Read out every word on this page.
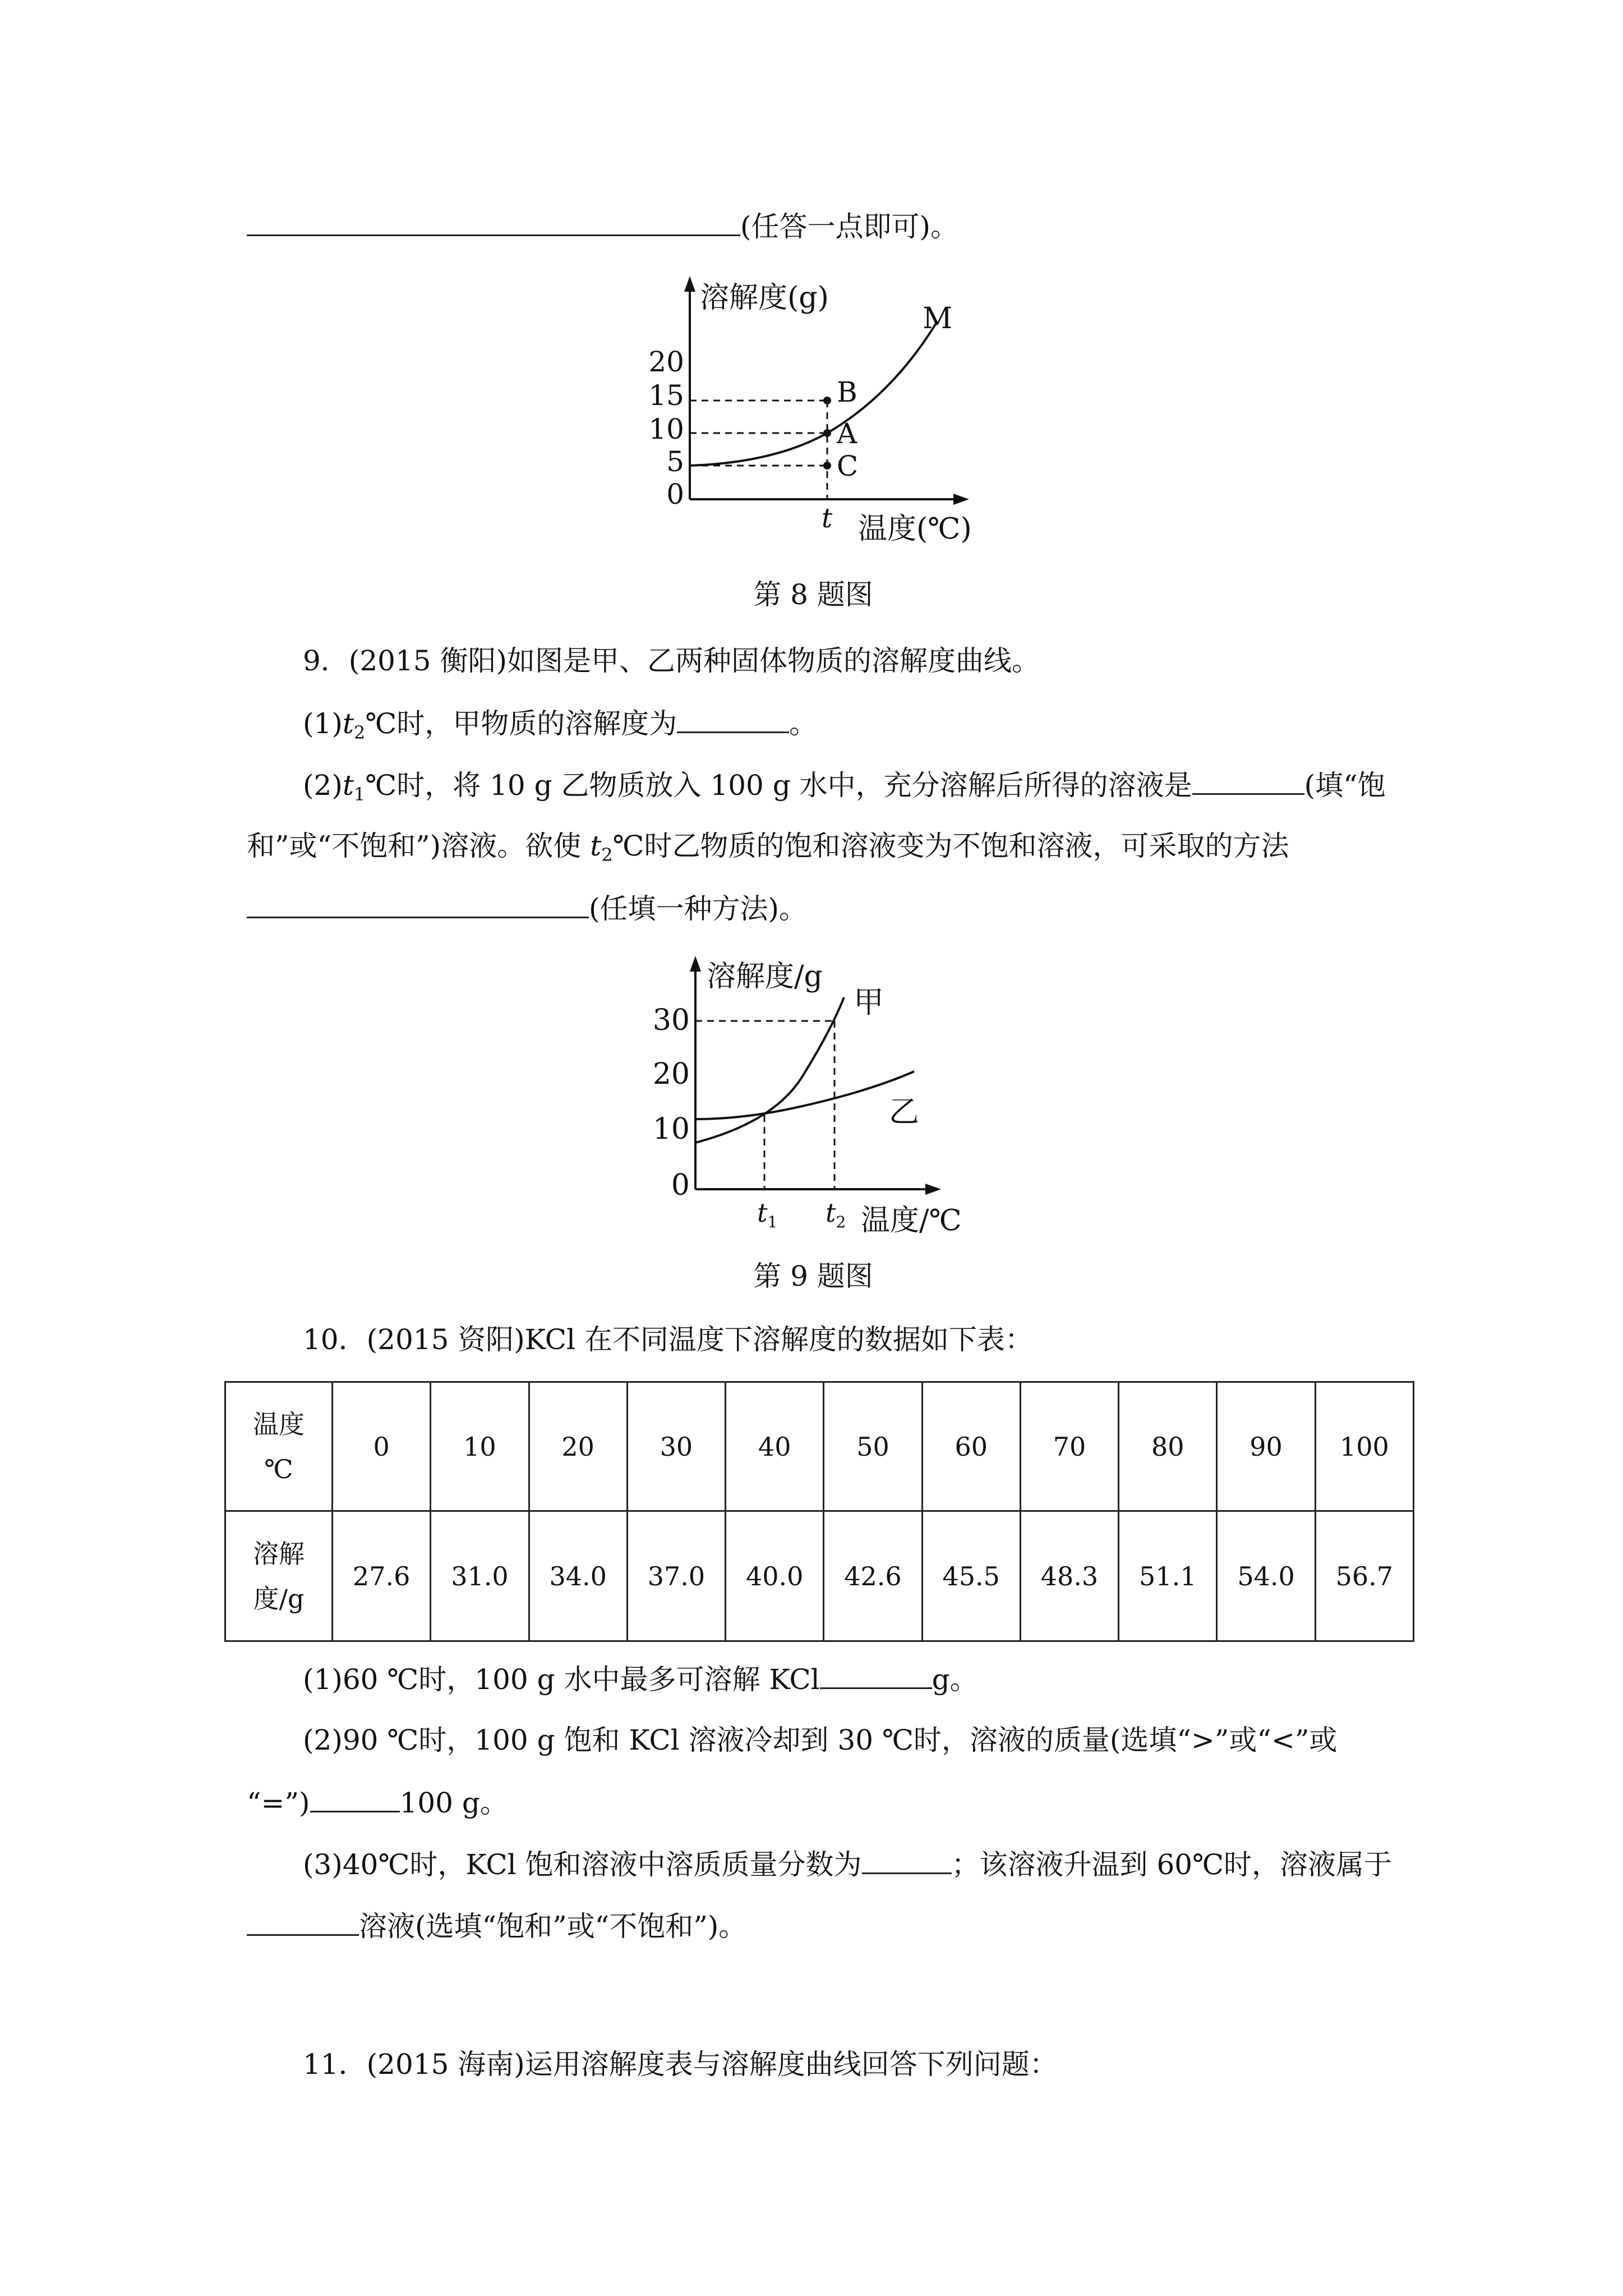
(任答一点即可)。
溶解度(g)
温度(℃)
20
15
10
5
0
t
M
B
A
C
第 8 题图
9．(2015 衡阳)如图是甲、乙两种固体物质的溶解度曲线。
$(1)t_2℃$时，甲物质的溶解度为	。
$(2)t_1℃$时，将 10 g 乙物质放入 100 g 水中，充分溶解后所得的溶液是	(填“饱
和”或“不饱和”)溶液。欲使 $t_2℃$时乙物质的饱和溶液变为不饱和溶液，可采取的方法
(任填一种方法)。
溶解度/g
温度/℃
30
20
10
0
$t_1$ $t_2$
甲
乙
第 9 题图
10．(2015 资阳)KCl 在不同温度下溶解度的数据如下表：
温度
℃	0	10	20	30	40	50	60	70	80	90	100
溶解
度/g	27.6	31.0	34.0	37.0	40.0	42.6	45.5	48.3	51.1	54.0	56.7
(1)60 ℃时，100 g 水中最多可溶解 KCl	g。
(2)90 ℃时，100 g 饱和 KCl 溶液冷却到 30 ℃时，溶液的质量(选填“>”或“<”或
“=”)	100 g。
(3)40℃时，KCl 饱和溶液中溶质质量分数为	；该溶液升温到 60℃时，溶液属于
溶液(选填“饱和”或“不饱和”)。
11．(2015 海南)运用溶解度表与溶解度曲线回答下列问题：
